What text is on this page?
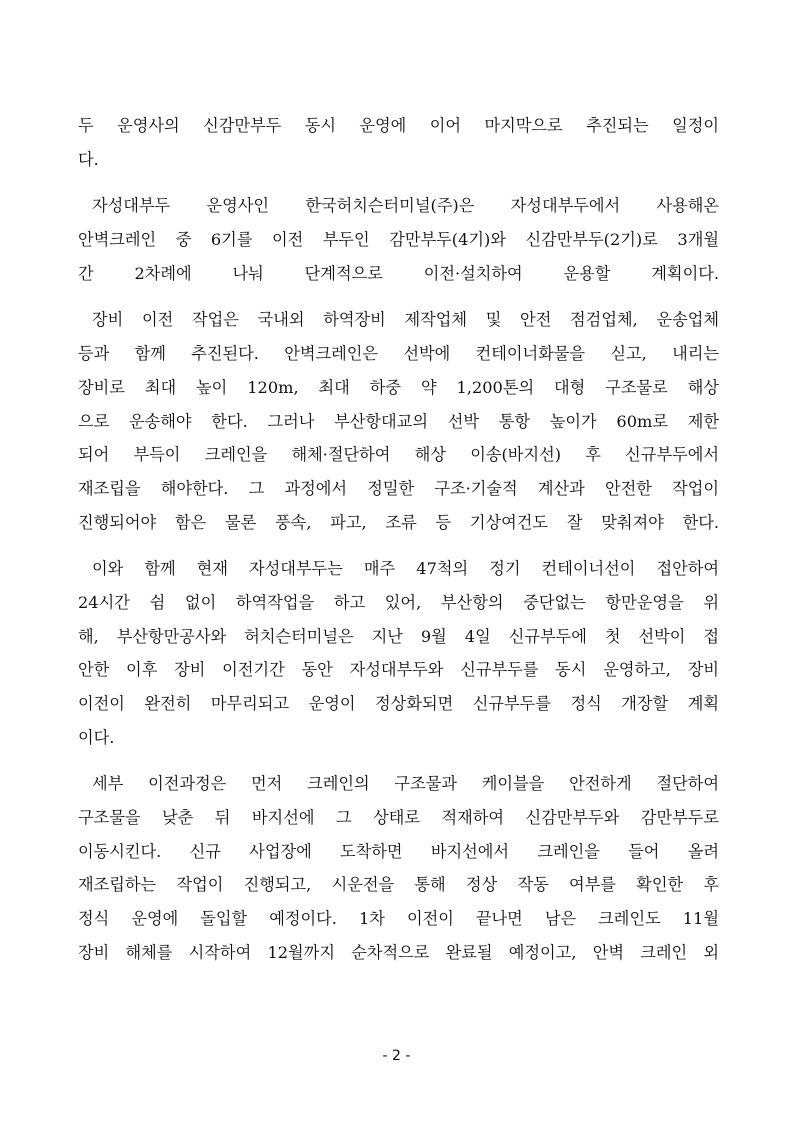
두 운영사의 신감만부두 동시 운영에 이어 마지막으로 추진되는 일정이
다.
자성대부두 운영사인 한국허치슨터미널(주)은 자성대부두에서 사용해온
안벽크레인 중 6기를 이전 부두인 감만부두(4기)와 신감만부두(2기)로 3개월
간 2차례에 나눠 단계적으로 이전·설치하여 운용할 계획이다.
장비 이전 작업은 국내외 하역장비 제작업체 및 안전 점검업체, 운송업체
등과 함께 추진된다. 안벽크레인은 선박에 컨테이너화물을 싣고, 내리는
장비로 최대 높이 120m, 최대 하중 약 1,200톤의 대형 구조물로 해상
으로 운송해야 한다. 그러나 부산항대교의 선박 통항 높이가 60m로 제한
되어 부득이 크레인을 해체·절단하여 해상 이송(바지선) 후 신규부두에서
재조립을 해야한다. 그 과정에서 정밀한 구조·기술적 계산과 안전한 작업이
진행되어야 함은 물론 풍속, 파고, 조류 등 기상여건도 잘 맞춰져야 한다.
이와 함께 현재 자성대부두는 매주 47척의 정기 컨테이너선이 접안하여
24시간 쉼 없이 하역작업을 하고 있어, 부산항의 중단없는 항만운영을 위
해, 부산항만공사와 허치슨터미널은 지난 9월 4일 신규부두에 첫 선박이 접
안한 이후 장비 이전기간 동안 자성대부두와 신규부두를 동시 운영하고, 장비
이전이 완전히 마무리되고 운영이 정상화되면 신규부두를 정식 개장할 계획
이다.
세부 이전과정은 먼저 크레인의 구조물과 케이블을 안전하게 절단하여
구조물을 낮춘 뒤 바지선에 그 상태로 적재하여 신감만부두와 감만부두로
이동시킨다. 신규 사업장에 도착하면 바지선에서 크레인을 들어 올려
재조립하는 작업이 진행되고, 시운전을 통해 정상 작동 여부를 확인한 후
정식 운영에 돌입할 예정이다. 1차 이전이 끝나면 남은 크레인도 11월
장비 해체를 시작하여 12월까지 순차적으로 완료될 예정이고, 안벽 크레인 외
- 2 -
